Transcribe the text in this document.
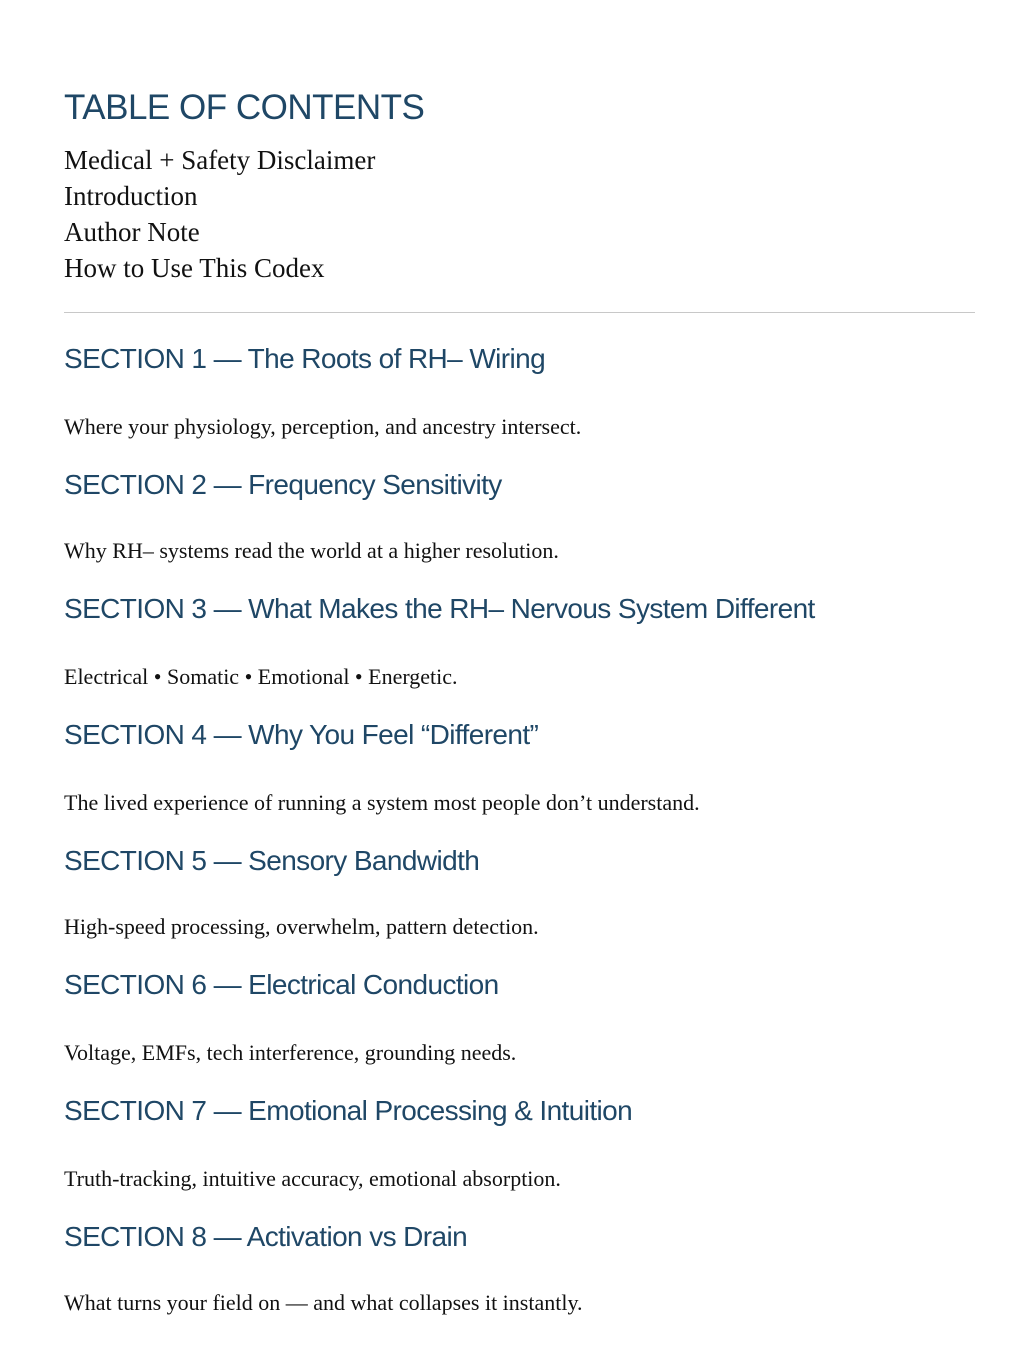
TABLE OF CONTENTS
Medical + Safety Disclaimer
Introduction
Author Note
How to Use This Codex
SECTION 1 — The Roots of RH– Wiring

Where your physiology, perception, and ancestry intersect.

SECTION 2 — Frequency Sensitivity

Why RH– systems read the world at a higher resolution.

SECTION 3 — What Makes the RH– Nervous System Different

Electrical • Somatic • Emotional • Energetic.

SECTION 4 — Why You Feel “Different”

The lived experience of running a system most people don’t understand.

SECTION 5 — Sensory Bandwidth

High-speed processing, overwhelm, pattern detection.

SECTION 6 — Electrical Conduction

Voltage, EMFs, tech interference, grounding needs.

SECTION 7 — Emotional Processing & Intuition

Truth-tracking, intuitive accuracy, emotional absorption.

SECTION 8 — Activation vs Drain

What turns your field on — and what collapses it instantly.
